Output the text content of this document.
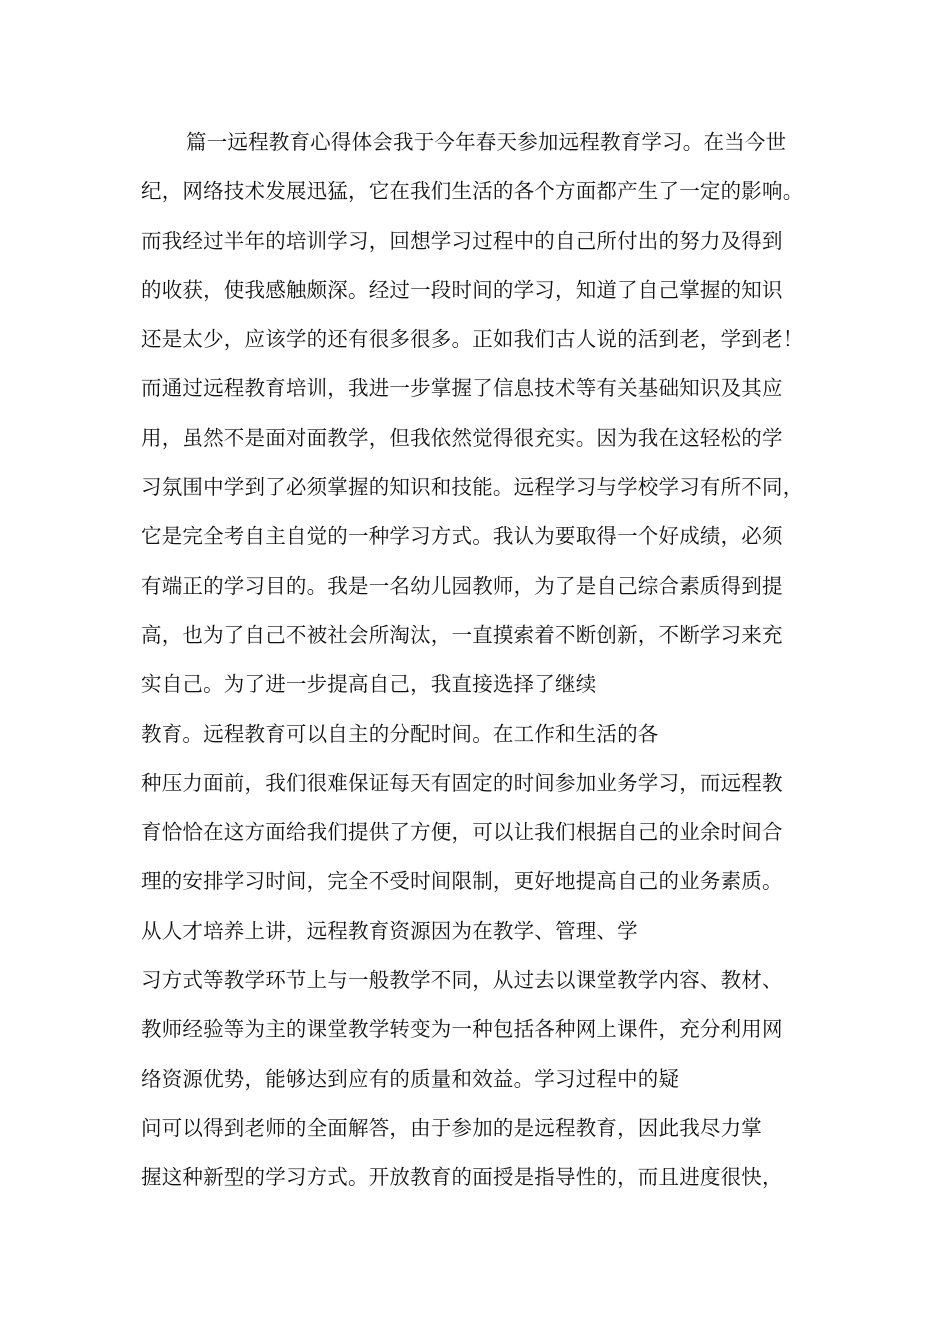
篇一远程教育心得体会我于今年春天参加远程教育学习。在当今世
纪，网络技术发展迅猛，它在我们生活的各个方面都产生了一定的影响。
而我经过半年的培训学习，回想学习过程中的自己所付出的努力及得到
的收获，使我感触颇深。经过一段时间的学习，知道了自己掌握的知识
还是太少，应该学的还有很多很多。正如我们古人说的活到老，学到老！
而通过远程教育培训，我进一步掌握了信息技术等有关基础知识及其应
用，虽然不是面对面教学，但我依然觉得很充实。因为我在这轻松的学
习氛围中学到了必须掌握的知识和技能。远程学习与学校学习有所不同，
它是完全考自主自觉的一种学习方式。我认为要取得一个好成绩，必须
有端正的学习目的。我是一名幼儿园教师，为了是自己综合素质得到提
高，也为了自己不被社会所淘汰，一直摸索着不断创新，不断学习来充
实自己。为了进一步提高自己，我直接选择了继续
教育。远程教育可以自主的分配时间。在工作和生活的各
种压力面前，我们很难保证每天有固定的时间参加业务学习，而远程教
育恰恰在这方面给我们提供了方便，可以让我们根据自己的业余时间合
理的安排学习时间，完全不受时间限制，更好地提高自己的业务素质。
从人才培养上讲，远程教育资源因为在教学、管理、学
习方式等教学环节上与一般教学不同，从过去以课堂教学内容、教材、
教师经验等为主的课堂教学转变为一种包括各种网上课件，充分利用网
络资源优势，能够达到应有的质量和效益。学习过程中的疑
问可以得到老师的全面解答，由于参加的是远程教育，因此我尽力掌
握这种新型的学习方式。开放教育的面授是指导性的，而且进度很快，
